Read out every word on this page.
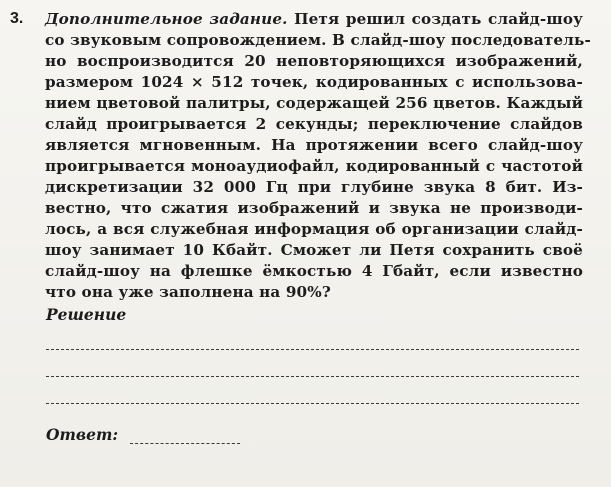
3. Дополнительное задание. Петя решил создать слайд-шоу
со звуковым сопровождением. В слайд-шоу последователь-
но воспроизводится 20 неповторяющихся изображений,
размером 1024 × 512 точек, кодированных с использова-
нием цветовой палитры, содержащей 256 цветов. Каждый
слайд проигрывается 2 секунды; переключение слайдов
является мгновенным. На протяжении всего слайд-шоу
проигрывается моноаудиофайл, кодированный с частотой
дискретизации 32 000 Гц при глубине звука 8 бит. Из-
вестно, что сжатия изображений и звука не производи-
лось, а вся служебная информация об организации слайд-
шоу занимает 10 Кбайт. Сможет ли Петя сохранить своё
слайд-шоу на флешке ёмкостью 4 Гбайт, если известно
что она уже заполнена на 90%?
Решение
Ответ:
